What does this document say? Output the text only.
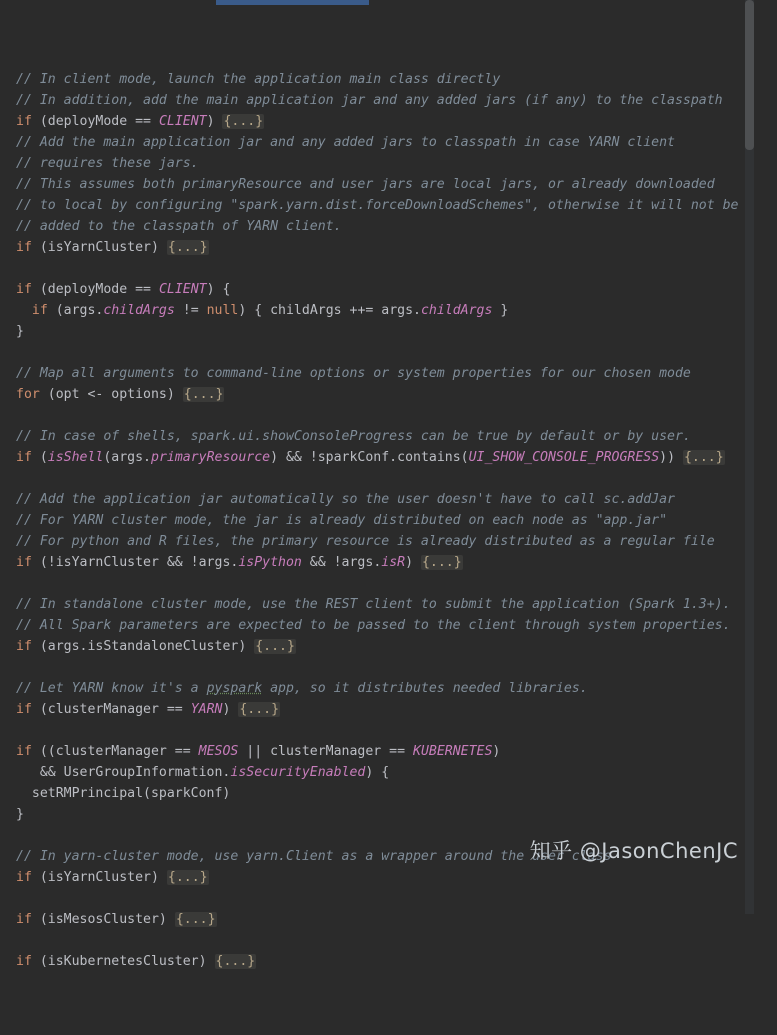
// In client mode, launch the application main class directly
// In addition, add the main application jar and any added jars (if any) to the classpath
if (deployMode == CLIENT) {...}
// Add the main application jar and any added jars to classpath in case YARN client
// requires these jars.
// This assumes both primaryResource and user jars are local jars, or already downloaded
// to local by configuring "spark.yarn.dist.forceDownloadSchemes", otherwise it will not be
// added to the classpath of YARN client.
if (isYarnCluster) {...}

if (deployMode == CLIENT) {
if (args.childArgs != null) { childArgs ++= args.childArgs }
}

// Map all arguments to command-line options or system properties for our chosen mode
for (opt <- options) {...}

// In case of shells, spark.ui.showConsoleProgress can be true by default or by user.
if (isShell(args.primaryResource) && !sparkConf.contains(UI_SHOW_CONSOLE_PROGRESS)) {...}

// Add the application jar automatically so the user doesn't have to call sc.addJar
// For YARN cluster mode, the jar is already distributed on each node as "app.jar"
// For python and R files, the primary resource is already distributed as a regular file
if (!isYarnCluster && !args.isPython && !args.isR) {...}

// In standalone cluster mode, use the REST client to submit the application (Spark 1.3+).
// All Spark parameters are expected to be passed to the client through system properties.
if (args.isStandaloneCluster) {...}

// Let YARN know it's a pyspark app, so it distributes needed libraries.
if (clusterManager == YARN) {...}

if ((clusterManager == MESOS || clusterManager == KUBERNETES)
&& UserGroupInformation.isSecurityEnabled) {
setRMPrincipal(sparkConf)
}

// In yarn-cluster mode, use yarn.Client as a wrapper around the user class
if (isYarnCluster) {...}

if (isMesosCluster) {...}

if (isKubernetesCluster) {...}

知乎 @JasonChenJC
